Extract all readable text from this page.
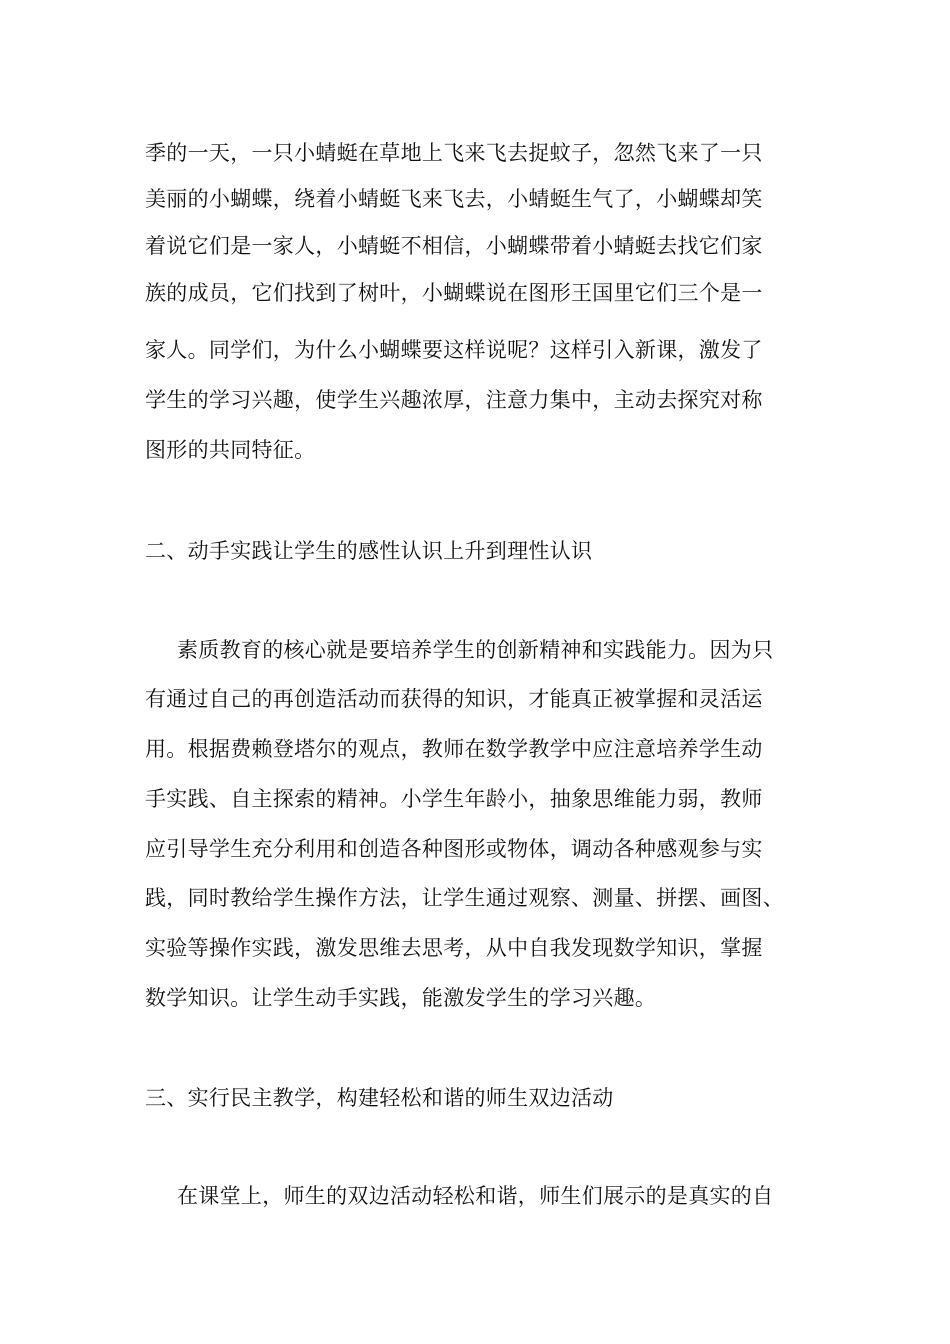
季的一天，一只小蜻蜓在草地上飞来飞去捉蚊子，忽然飞来了一只
美丽的小蝴蝶，绕着小蜻蜓飞来飞去，小蜻蜓生气了，小蝴蝶却笑
着说它们是一家人，小蜻蜓不相信，小蝴蝶带着小蜻蜓去找它们家
族的成员，它们找到了树叶，小蝴蝶说在图形王国里它们三个是一
家人。同学们，为什么小蝴蝶要这样说呢？这样引入新课，激发了
学生的学习兴趣，使学生兴趣浓厚，注意力集中，主动去探究对称
图形的共同特征。
二、动手实践让学生的感性认识上升到理性认识
素质教育的核心就是要培养学生的创新精神和实践能力。因为只
有通过自己的再创造活动而获得的知识，才能真正被掌握和灵活运
用。根据费赖登塔尔的观点，教师在数学教学中应注意培养学生动
手实践、自主探索的精神。小学生年龄小，抽象思维能力弱，教师
应引导学生充分利用和创造各种图形或物体，调动各种感观参与实
践，同时教给学生操作方法，让学生通过观察、测量、拼摆、画图、
实验等操作实践，激发思维去思考，从中自我发现数学知识，掌握
数学知识。让学生动手实践，能激发学生的学习兴趣。
三、实行民主教学，构建轻松和谐的师生双边活动
在课堂上，师生的双边活动轻松和谐，师生们展示的是真实的自
